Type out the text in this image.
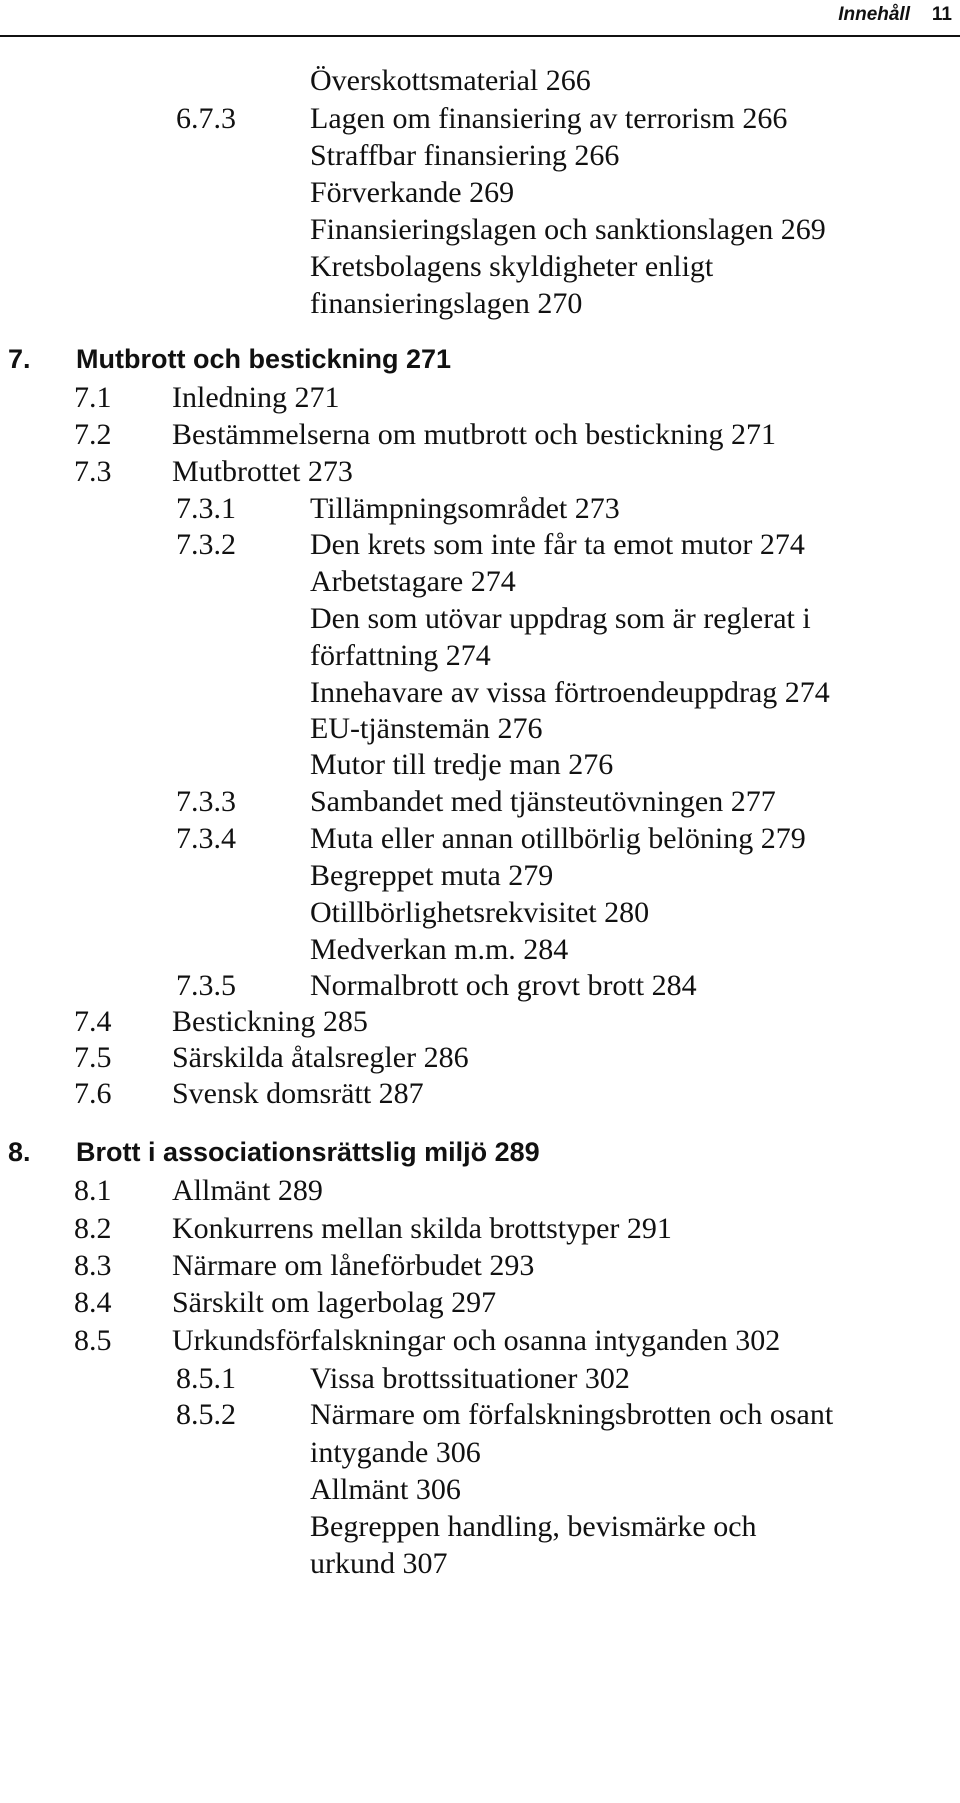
Innehåll 11
Överskottsmaterial 266
6.7.3 Lagen om finansiering av terrorism 266
Straffbar finansiering 266
Förverkande 269
Finansieringslagen och sanktionslagen 269
Kretsbolagens skyldigheter enligt
finansieringslagen 270
7. Mutbrott och bestickning 271
7.1 Inledning 271
7.2 Bestämmelserna om mutbrott och bestickning 271
7.3 Mutbrottet 273
7.3.1 Tillämpningsområdet 273
7.3.2 Den krets som inte får ta emot mutor 274
Arbetstagare 274
Den som utövar uppdrag som är reglerat i
författning 274
Innehavare av vissa förtroendeuppdrag 274
EU-tjänstemän 276
Mutor till tredje man 276
7.3.3 Sambandet med tjänsteutövningen 277
7.3.4 Muta eller annan otillbörlig belöning 279
Begreppet muta 279
Otillbörlighetsrekvisitet 280
Medverkan m.m. 284
7.3.5 Normalbrott och grovt brott 284
7.4 Bestickning 285
7.5 Särskilda åtalsregler 286
7.6 Svensk domsrätt 287
8. Brott i associationsrättslig miljö 289
8.1 Allmänt 289
8.2 Konkurrens mellan skilda brottstyper 291
8.3 Närmare om låneförbudet 293
8.4 Särskilt om lagerbolag 297
8.5 Urkundsförfalskningar och osanna intyganden 302
8.5.1 Vissa brottssituationer 302
8.5.2 Närmare om förfalskningsbrotten och osant
intygande 306
Allmänt 306
Begreppen handling, bevismärke och
urkund 307
